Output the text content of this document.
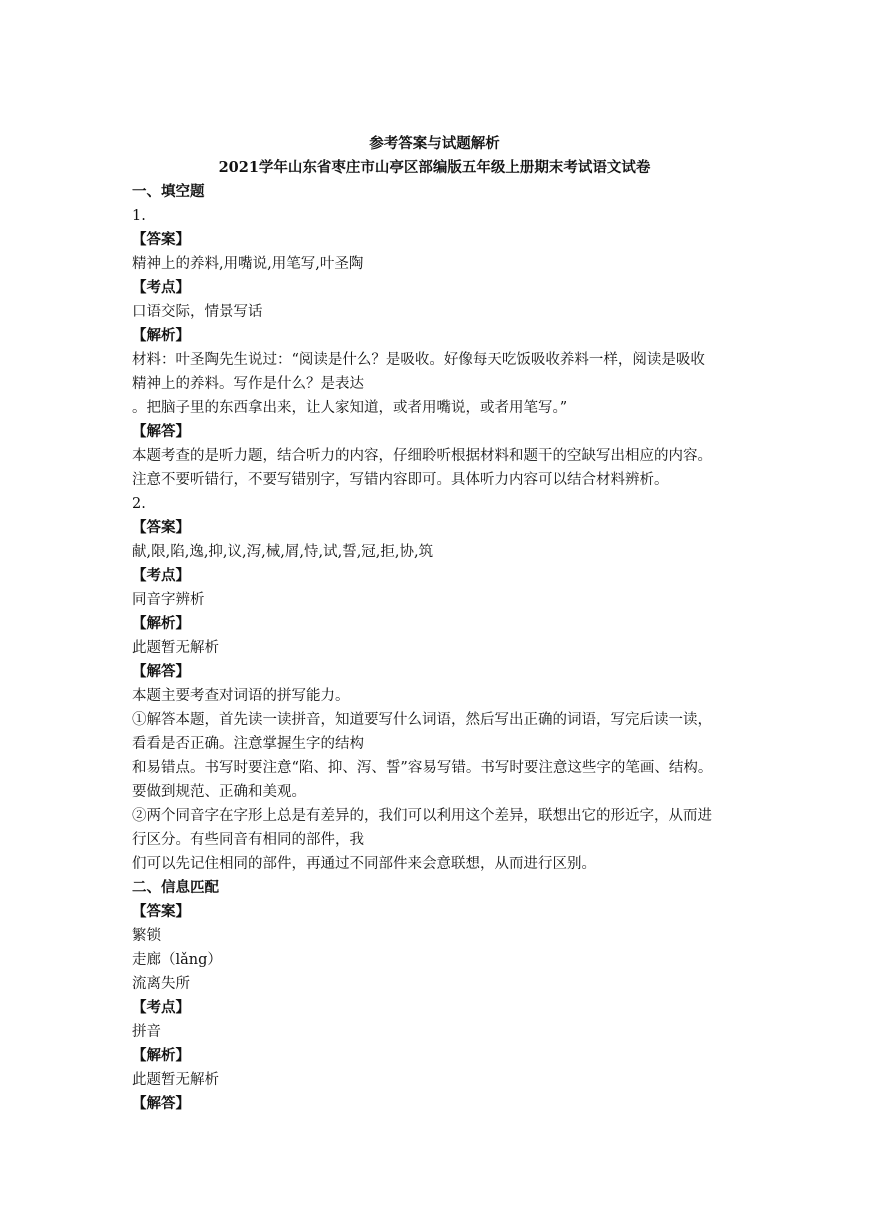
参考答案与试题解析
2021学年山东省枣庄市山亭区部编版五年级上册期末考试语文试卷
一、填空题
1.
【答案】
精神上的养料,用嘴说,用笔写,叶圣陶
【考点】
口语交际，情景写话
【解析】
材料：叶圣陶先生说过：“阅读是什么？是吸收。好像每天吃饭吸收养料一样，阅读是吸收
精神上的养料。写作是什么？是表达
。把脑子里的东西拿出来，让人家知道，或者用嘴说，或者用笔写。”
【解答】
本题考查的是听力题，结合听力的内容，仔细聆听根据材料和题干的空缺写出相应的内容。
注意不要听错行，不要写错别字，写错内容即可。具体听力内容可以结合材料辨析。
2.
【答案】
献,限,陷,逸,抑,议,泻,械,屑,恃,试,誓,冠,拒,协,筑
【考点】
同音字辨析
【解析】
此题暂无解析
【解答】
本题主要考查对词语的拼写能力。
①解答本题，首先读一读拼音，知道要写什么词语，然后写出正确的词语，写完后读一读，
看看是否正确。注意掌握生字的结构
和易错点。书写时要注意“陷、抑、泻、誓”容易写错。书写时要注意这些字的笔画、结构。
要做到规范、正确和美观。
②两个同音字在字形上总是有差异的，我们可以利用这个差异，联想出它的形近字，从而进
行区分。有些同音有相同的部件，我
们可以先记住相同的部件，再通过不同部件来会意联想，从而进行区别。
二、信息匹配
【答案】
繁锁
走廊（lǎng）
流离失所
【考点】
拼音
【解析】
此题暂无解析
【解答】
